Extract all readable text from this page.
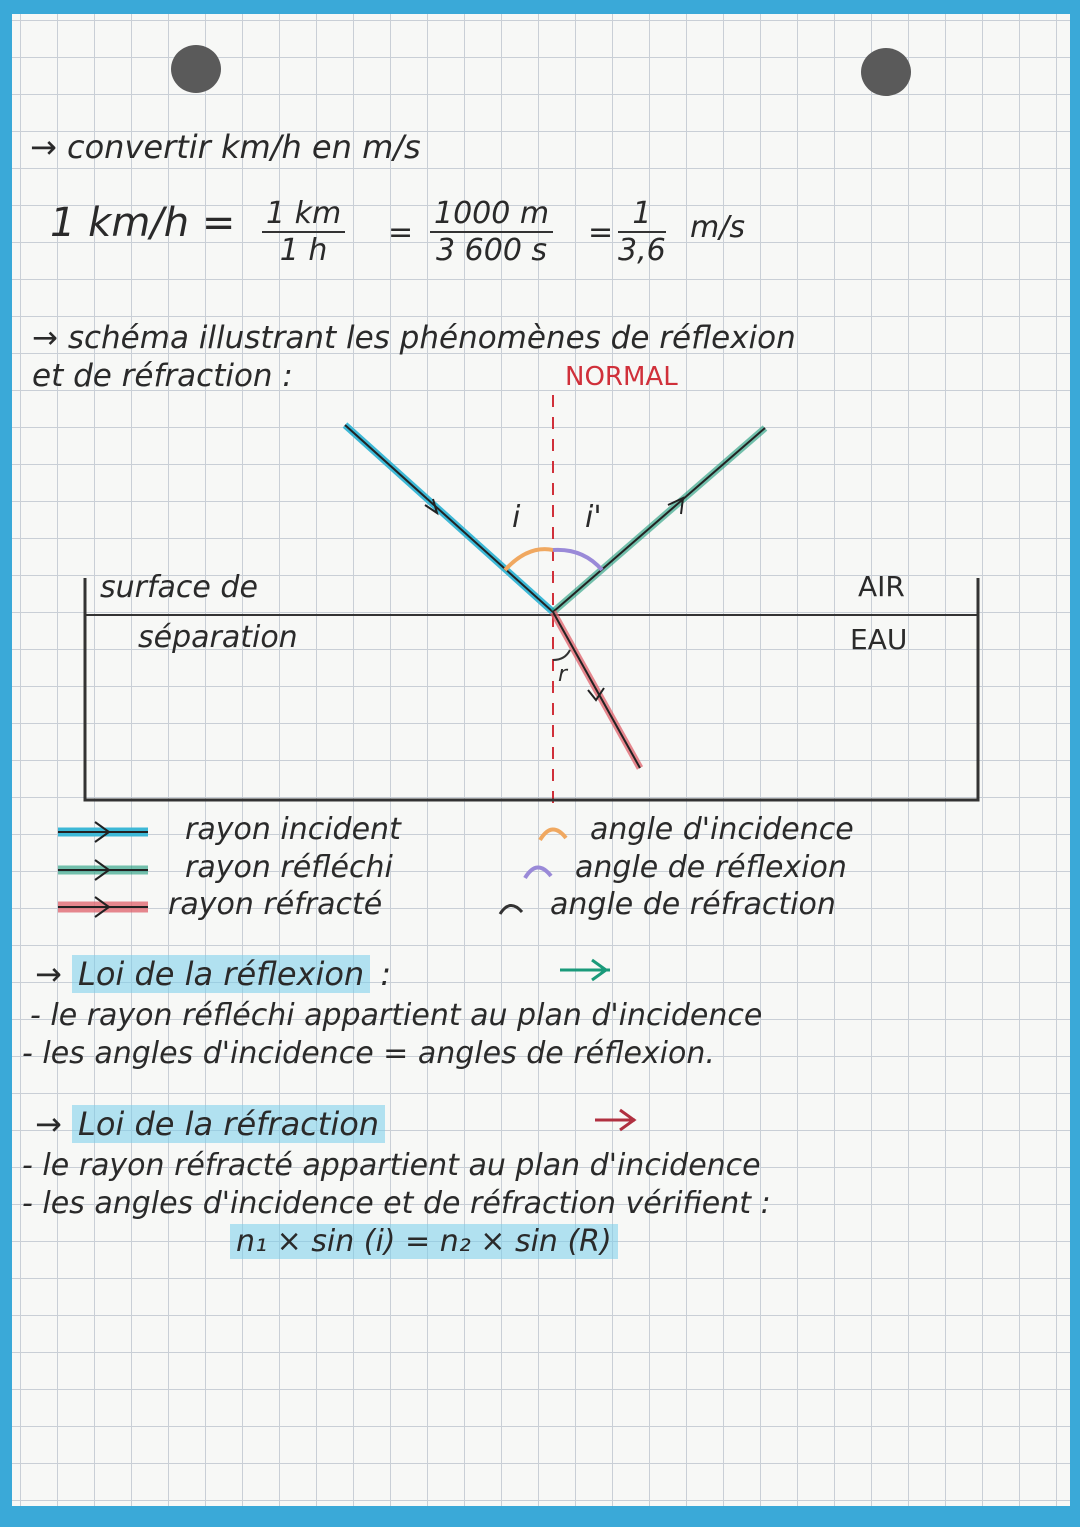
→ convertir km/h en m/s
1 $km/h = \frac{1 km}{1 h} = \frac{1000 m}{3 600 s} = \frac{1}{3,6} m/s$
→ schéma illustrant les phénomènes de réflexion
et de réfraction :	NORMAL
i i'
r
surface de
séparation
AIR
EAU
rayon incident	angle d'incidence
rayon réfléchi	angle de réflexion
rayon réfracté	angle de réfraction
→ Loi de la réflexion :
- le rayon réfléchi appartient au plan d'incidence
- les angles d'incidence = angles de réflexion.
→ Loi de la réfraction
- le rayon réfracté appartient au plan d'incidence
- les angles d'incidence et de réfraction vérifient :
n₁ × sin (i) = n₂ × sin (R)
